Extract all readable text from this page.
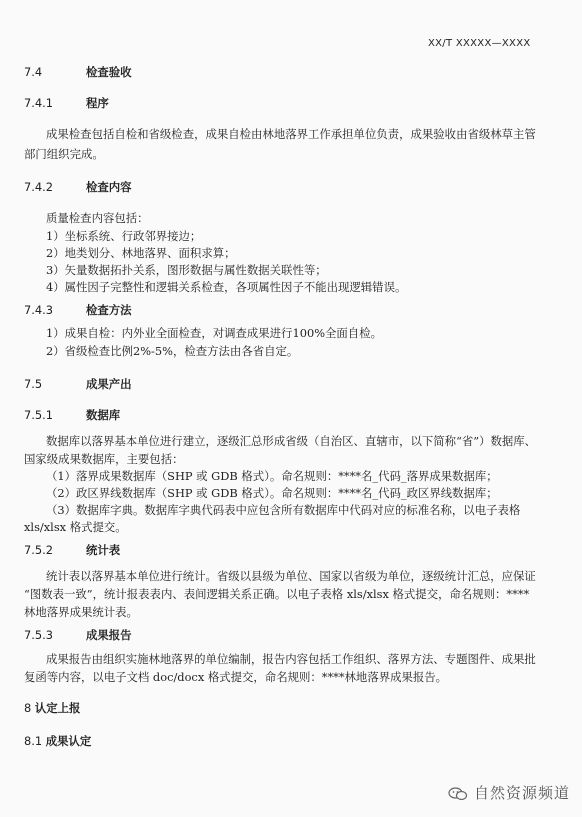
XX/T XXXXX—XXXX
7.4	检查验收
7.4.1	程序
成果检查包括自检和省级检查，成果自检由林地落界工作承担单位负责，成果验收由省级林草主管
部门组织完成。
7.4.2	检查内容
质量检查内容包括：
1）坐标系统、行政邻界接边；
2）地类划分、林地落界、面积求算；
3）矢量数据拓扑关系，图形数据与属性数据关联性等；
4）属性因子完整性和逻辑关系检查，各项属性因子不能出现逻辑错误。
7.4.3	检查方法
1）成果自检：内外业全面检查，对调查成果进行100%全面自检。
2）省级检查比例2%-5%，检查方法由各省自定。
7.5	成果产出
7.5.1	数据库
数据库以落界基本单位进行建立，逐级汇总形成省级（自治区、直辖市，以下简称“省”）数据库、
国家级成果数据库，主要包括：
（1）落界成果数据库（SHP 或 GDB 格式）。命名规则：****名_代码_落界成果数据库；
（2）政区界线数据库（SHP 或 GDB 格式）。命名规则：****名_代码_政区界线数据库；
（3）数据库字典。数据库字典代码表中应包含所有数据库中代码对应的标准名称，以电子表格
xls/xlsx 格式提交。
7.5.2	统计表
统计表以落界基本单位进行统计。省级以县级为单位、国家以省级为单位，逐级统计汇总，应保证
“图数表一致”，统计报表表内、表间逻辑关系正确。以电子表格 xls/xlsx 格式提交，命名规则：****
林地落界成果统计表。
7.5.3	成果报告
成果报告由组织实施林地落界的单位编制，报告内容包括工作组织、落界方法、专题图件、成果批
复函等内容，以电子文档 doc/docx 格式提交，命名规则：****林地落界成果报告。
8 认定上报
8.1 成果认定
自然资源频道
